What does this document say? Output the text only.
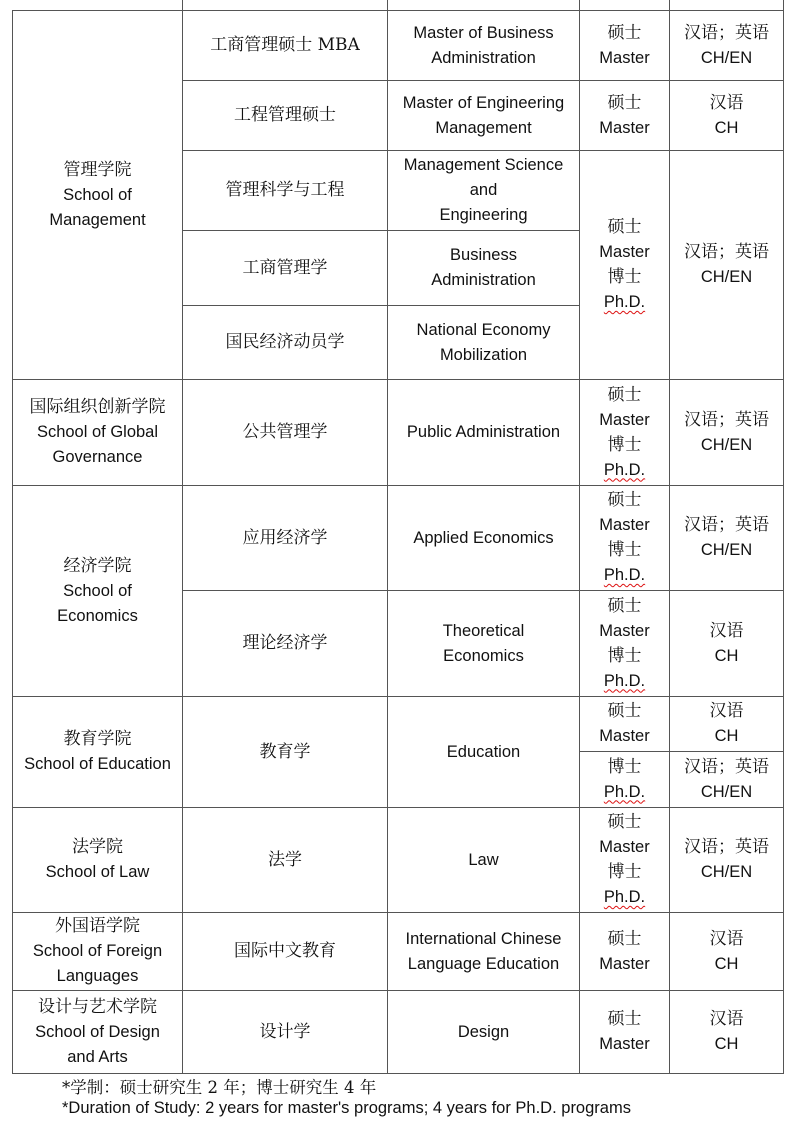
管理学院
School of
Management	工商管理硕士 MBA	Master of Business
Administration	硕士
Master	汉语；英语
CH/EN

	工程管理硕士	Master of Engineering
Management	硕士
Master	汉语
CH

	管理科学与工程	Management Science
and
Engineering	硕士
Master
博士
Ph.D.	汉语；英语
CH/EN

	工商管理学	Business
Administration		

	国民经济动员学	National Economy
Mobilization		

国际组织创新学院
School of Global
Governance	公共管理学	Public Administration	硕士
Master
博士
Ph.D.	汉语；英语
CH/EN

经济学院
School of
Economics	应用经济学	Applied Economics	硕士
Master
博士
Ph.D.	汉语；英语
CH/EN

	理论经济学	Theoretical
Economics	硕士
Master
博士
Ph.D.	汉语
CH

教育学院
School of Education	教育学	Education	硕士
Master	汉语
CH

			博士
Ph.D.	汉语；英语
CH/EN

法学院
School of Law	法学	Law	硕士
Master
博士
Ph.D.	汉语；英语
CH/EN

外国语学院
School of Foreign
Languages	国际中文教育	International Chinese
Language Education	硕士
Master	汉语
CH

设计与艺术学院
School of Design
and Arts	设计学	Design	硕士
Master	汉语
CH
*学制：硕士研究生 2 年；博士研究生 4 年
*Duration of Study: 2 years for master's programs; 4 years for Ph.D. programs
